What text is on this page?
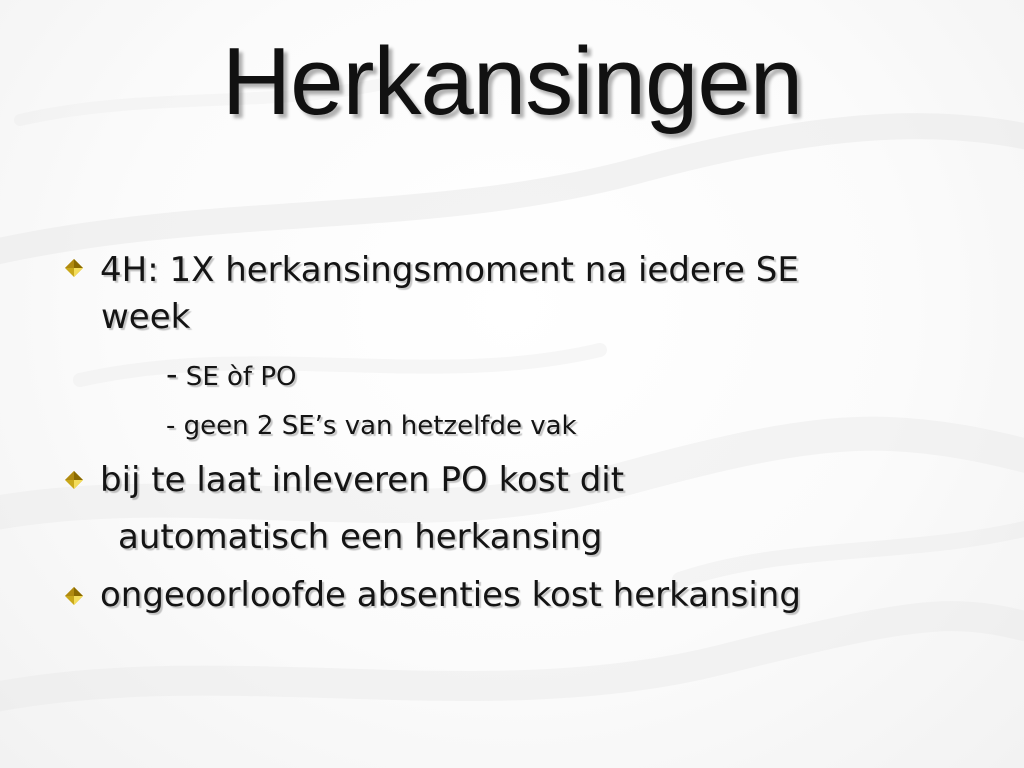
Herkansingen
4H: 1X herkansingsmoment na iedere SE
week
- SE òf PO
- geen 2 SE’s van hetzelfde vak
bij te laat inleveren PO kost dit
automatisch een herkansing
ongeoorloofde absenties kost herkansing
